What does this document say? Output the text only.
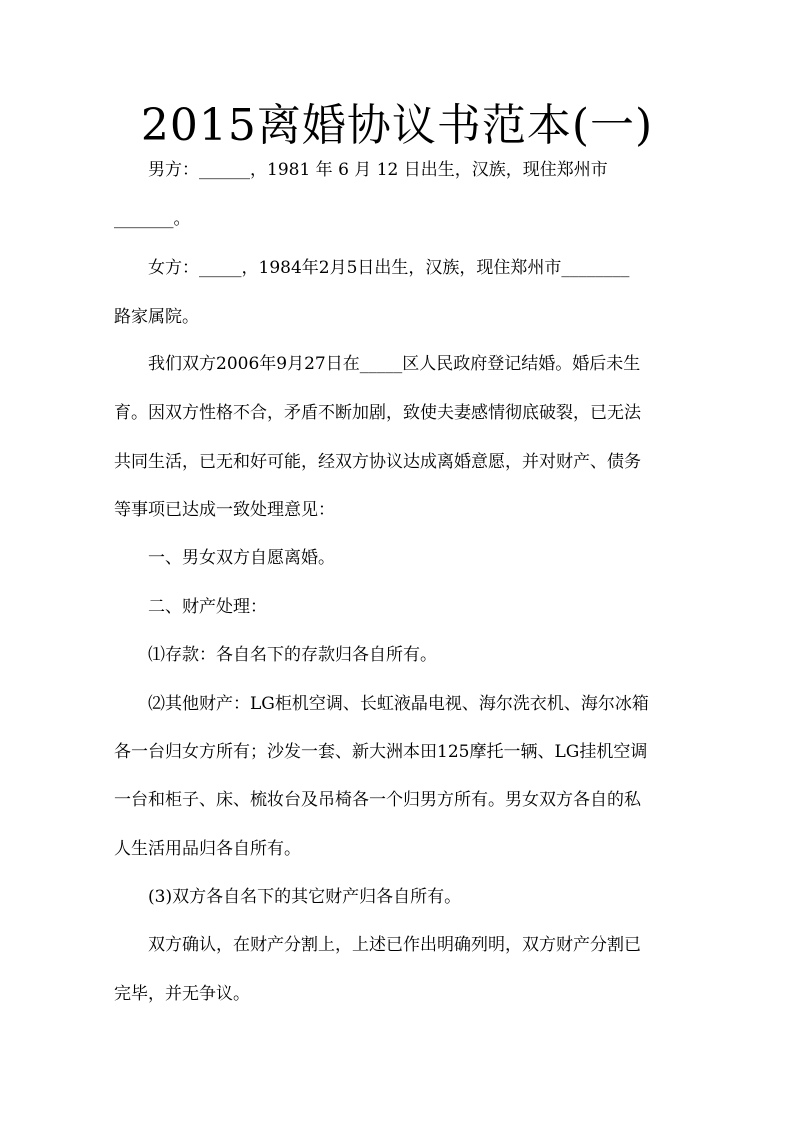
2015离婚协议书范本(一)
男方：______，1981 年 6 月 12 日出生，汉族，现住郑州市
_______。
女方：_____，1984年2月5日出生，汉族，现住郑州市________
路家属院。
我们双方2006年9月27日在_____区人民政府登记结婚。婚后未生
育。因双方性格不合，矛盾不断加剧，致使夫妻感情彻底破裂，已无法
共同生活，已无和好可能，经双方协议达成离婚意愿，并对财产、债务
等事项已达成一致处理意见：
一、男女双方自愿离婚。
二、财产处理：
⑴存款：各自名下的存款归各自所有。
⑵其他财产：LG柜机空调、长虹液晶电视、海尔洗衣机、海尔冰箱
各一台归女方所有；沙发一套、新大洲本田125摩托一辆、LG挂机空调
一台和柜子、床、梳妆台及吊椅各一个归男方所有。男女双方各自的私
人生活用品归各自所有。
(3)双方各自名下的其它财产归各自所有。
双方确认，在财产分割上，上述已作出明确列明，双方财产分割已
完毕，并无争议。
